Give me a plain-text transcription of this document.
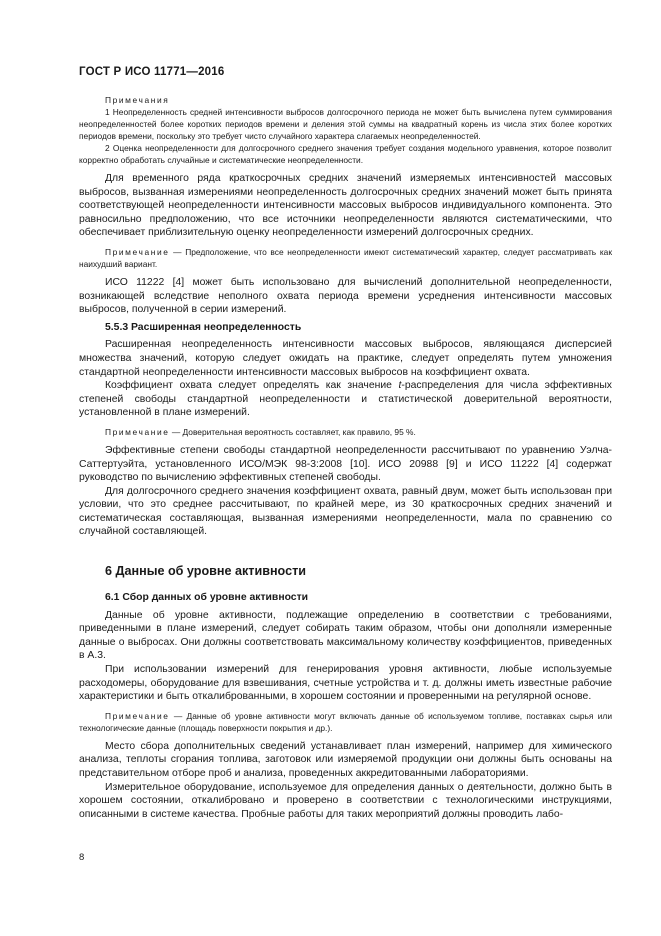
ГОСТ Р ИСО 11771—2016

Примечания

1 Неопределенность средней интенсивности выбросов долгосрочного периода не может быть вычислена путем суммирования неопределенностей более коротких периодов времени и деления этой суммы на квадратный корень из числа этих более коротких периодов времени, поскольку это требует чисто случайного характера слагаемых неопределенностей.

2 Оценка неопределенности для долгосрочного среднего значения требует создания модельного уравнения, которое позволит корректно обработать случайные и систематические неопределенности.

Для временного ряда краткосрочных средних значений измеряемых интенсивностей массовых выбросов, вызванная измерениями неопределенность долгосрочных средних значений может быть принята соответствующей неопределенности интенсивности массовых выбросов индивидуального компонента. Это равносильно предположению, что все источники неопределенности являются систематическими, что обеспечивает приблизительную оценку неопределенности измерений долгосрочных средних.

Примечание — Предположение, что все неопределенности имеют систематический характер, следует рассматривать как наихудший вариант.

ИСО 11222 [4] может быть использовано для вычислений дополнительной неопределенности, возникающей вследствие неполного охвата периода времени усреднения интенсивности массовых выбросов, полученной в серии измерений.

5.5.3 Расширенная неопределенность

Расширенная неопределенность интенсивности массовых выбросов, являющаяся дисперсией множества значений, которую следует ожидать на практике, следует определять путем умножения стандартной неопределенности интенсивности массовых выбросов на коэффициент охвата.

Коэффициент охвата следует определять как значение t-распределения для числа эффективных степеней свободы стандартной неопределенности и статистической доверительной вероятности, установленной в плане измерений.

Примечание — Доверительная вероятность составляет, как правило, 95 %.

Эффективные степени свободы стандартной неопределенности рассчитывают по уравнению Уэлча-Саттертуэйта, установленного ИСО/МЭК 98-3:2008 [10]. ИСО 20988 [9] и ИСО 11222 [4] содержат руководство по вычислению эффективных степеней свободы.

Для долгосрочного среднего значения коэффициент охвата, равный двум, может быть использован при условии, что это среднее рассчитывают, по крайней мере, из 30 краткосрочных средних значений и систематическая составляющая, вызванная измерениями неопределенности, мала по сравнению со случайной составляющей.

6 Данные об уровне активности

6.1 Сбор данных об уровне активности

Данные об уровне активности, подлежащие определению в соответствии с требованиями, приведенными в плане измерений, следует собирать таким образом, чтобы они дополняли измеренные данные о выбросах. Они должны соответствовать максимальному количеству коэффициентов, приведенных в А.3.

При использовании измерений для генерирования уровня активности, любые используемые расходомеры, оборудование для взвешивания, счетные устройства и т. д. должны иметь известные рабочие характеристики и быть откалиброванными, в хорошем состоянии и проверенными на регулярной основе.

Примечание — Данные об уровне активности могут включать данные об используемом топливе, поставках сырья или технологические данные (площадь поверхности покрытия и др.).

Место сбора дополнительных сведений устанавливает план измерений, например для химического анализа, теплоты сгорания топлива, заготовок или измеряемой продукции они должны быть основаны на представительном отборе проб и анализа, проведенных аккредитованными лабораториями.

Измерительное оборудование, используемое для определения данных о деятельности, должно быть в хорошем состоянии, откалибровано и проверено в соответствии с технологическими инструкциями, описанными в системе качества. Пробные работы для таких мероприятий должны проводить лабо-

8
